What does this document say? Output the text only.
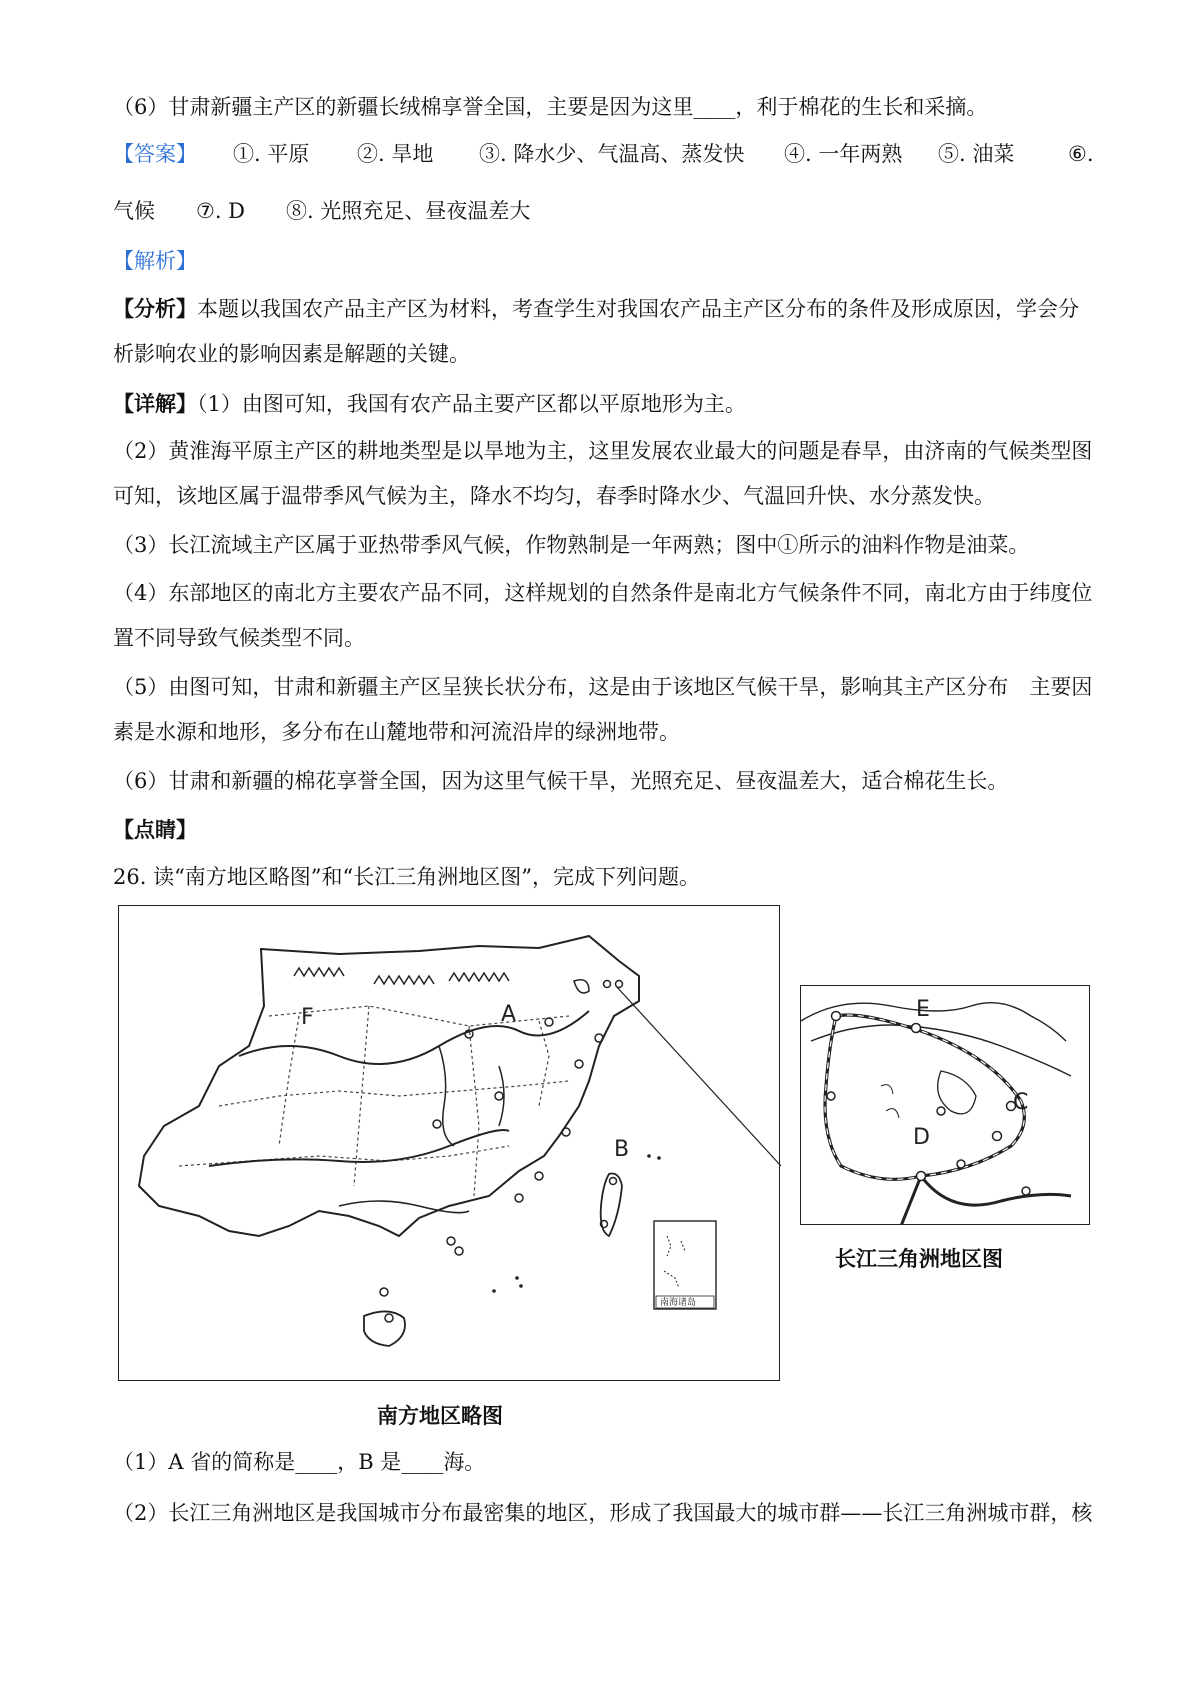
（6）甘肃新疆主产区的新疆长绒棉享誉全国，主要是因为这里____，利于棉花的生长和采摘。
【答案】 ①. 平原 ②. 旱地 ③. 降水少、气温高、蒸发快 ④. 一年两熟 ⑤. 油菜	⑥.
气候 ⑦. D ⑧. 光照充足、昼夜温差大
【解析】
【分析】本题以我国农产品主产区为材料，考查学生对我国农产品主产区分布的条件及形成原因，学会分
析影响农业的影响因素是解题的关键。
【详解】（1）由图可知，我国有农产品主要产区都以平原地形为主。
（2）黄淮海平原主产区的耕地类型是以旱地为主，这里发展农业最大的问题是春旱，由济南的气候类型图
可知，该地区属于温带季风气候为主，降水不均匀，春季时降水少、气温回升快、水分蒸发快。
（3）长江流域主产区属于亚热带季风气候，作物熟制是一年两熟；图中①所示的油料作物是油菜。
（4）东部地区的南北方主要农产品不同，这样规划的自然条件是南北方气候条件不同，南北方由于纬度位
置不同导致气候类型不同。
（5）由图可知，甘肃和新疆主产区呈狭长状分布，这是由于该地区气候干旱，影响其主产区分布　主要因
素是水源和地形，多分布在山麓地带和河流沿岸的绿洲地带。
（6）甘肃和新疆的棉花享誉全国，因为这里气候干旱，光照充足、昼夜温差大，适合棉花生长。
【点睛】
26. 读“南方地区略图”和“长江三角洲地区图”，完成下列问题。
南海诸岛
F	A
B
南方地区略图
E
C
D
长江三角洲地区图
（1）A 省的简称是____，B 是____海。
（2）长江三角洲地区是我国城市分布最密集的地区，形成了我国最大的城市群——长江三角洲城市群，核
